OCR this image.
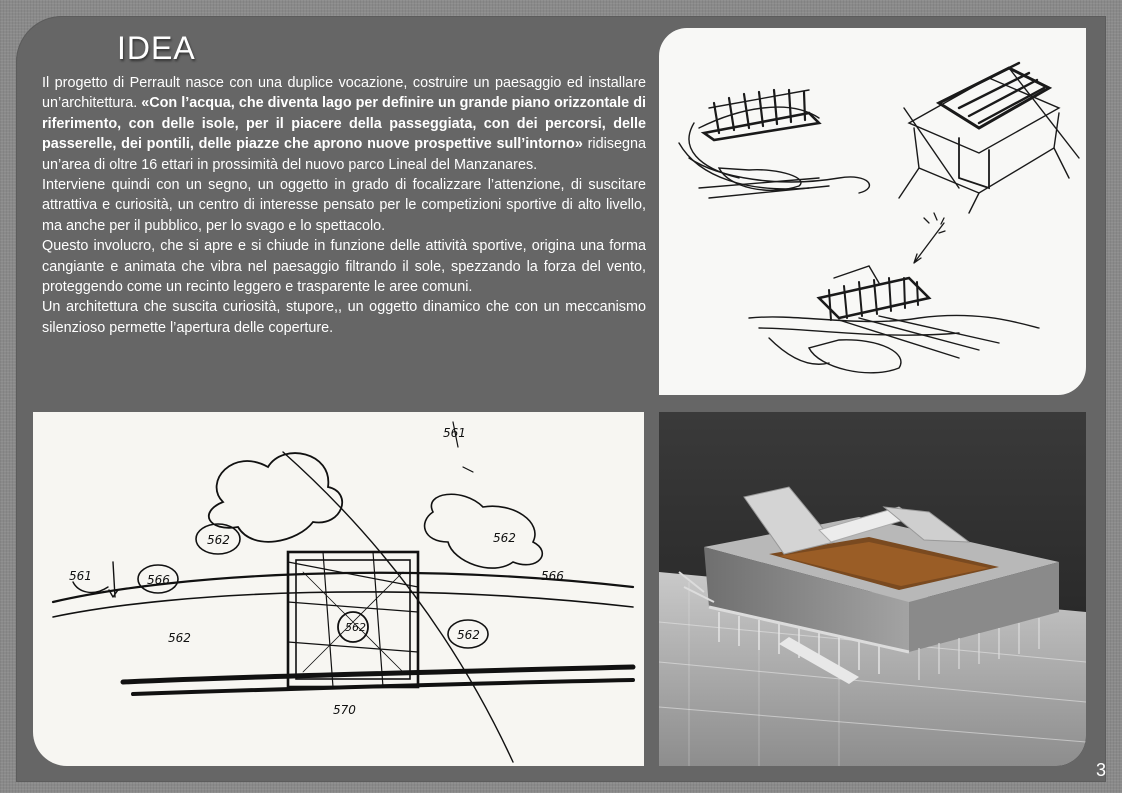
IDEA

Il progetto di Perrault nasce con una duplice vocazione, costruire un paesaggio ed installare un’architettura. «Con l’acqua, che diventa lago per definire un grande piano orizzontale di riferimento, con delle isole, per il piacere della passeggiata, con dei percorsi, delle passerelle, dei pontili, delle piazze che aprono nuove prospettive sull’intorno» ridisegna un’area di oltre 16 ettari in prossimità del nuovo parco Lineal del Manzanares.

Interviene quindi con un segno, un oggetto in grado di focalizzare l’attenzione, di suscitare attrattiva e curiosità, un centro di interesse pensato per le competizioni sportive di alto livello, ma anche per il pubblico, per lo svago e lo spettacolo.

Questo involucro, che si apre e si chiude in funzione delle attività sportive, origina una forma cangiante e animata che vibra nel paesaggio filtrando il sole, spezzando la forza del vento, proteggendo come un recinto leggero e trasparente le aree comuni.

Un architettura che suscita curiosità, stupore,, un oggetto dinamico che con un meccanismo silenzioso permette l’apertura delle coperture.

562	562
566
562	562
566
561
570
561
562
566
3
